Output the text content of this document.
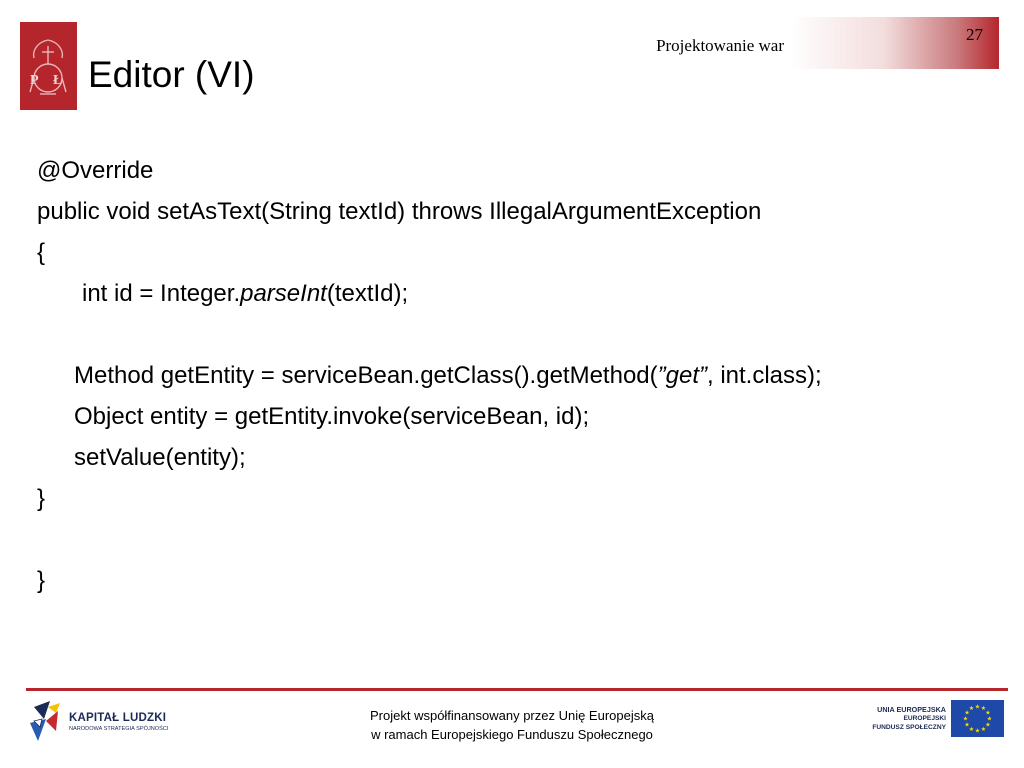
P Ł Editor (VI)
Projektowanie war
27
@Override
public void setAsText(String textId) throws IllegalArgumentException
{
int id = Integer.parseInt(textId);
Method getEntity = serviceBean.getClass().getMethod(”get”, int.class);
Object entity = getEntity.invoke(serviceBean, id);
setValue(entity);
}
}
KAPITAŁ LUDZKI
NARODOWA STRATEGIA SPÓJNOŚCI
Projekt współfinansowany przez Unię Europejską
w ramach Europejskiego Funduszu Społecznego
UNIA EUROPEJSKA
EUROPEJSKI
FUNDUSZ SPOŁECZNY
★
★
★
★
★
★
★
★
★ ★ ★
★
